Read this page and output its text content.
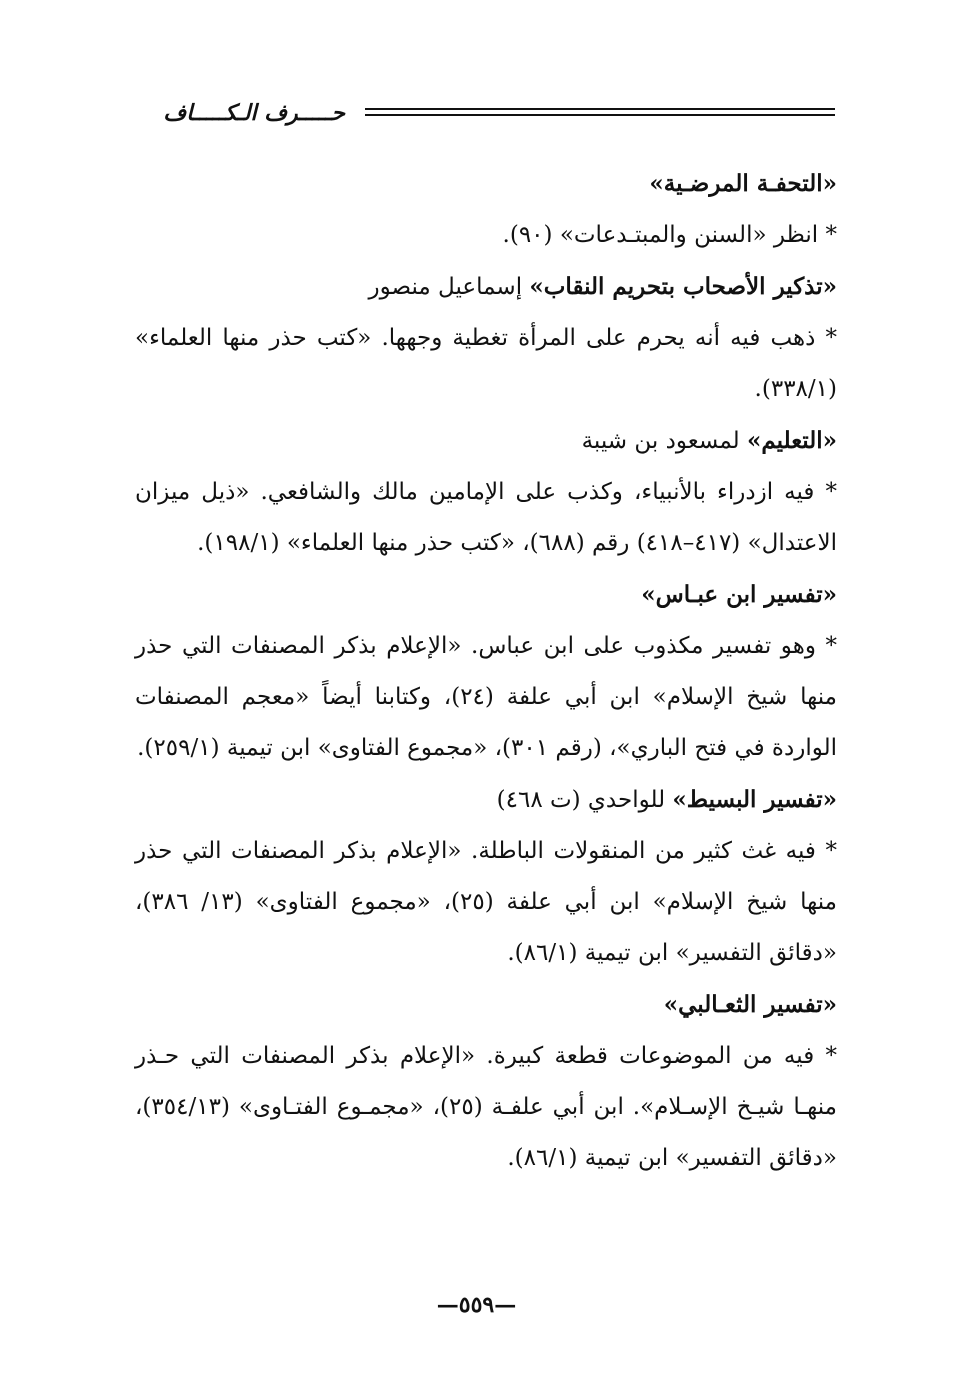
حـــــرف الـكـــــاف

«التحفـة المرضـية»

* انظر «السنن والمبتـدعات» (٩٠).

«تذكير الأصحاب بتحريم النقاب» إسماعيل منصور

* ذهب فيه أنه يحرم على المرأة تغطية وجهها. «كتب حذر منها العلماء» (٣٣٨/١).

«التعليم» لمسعود بن شيبة

* فيه ازدراء بالأنبياء، وكذب على الإمامين مالك والشافعي. «ذيل ميزان الاعتدال» (٤١٧–٤١٨) رقم (٦٨٨)، «كتب حذر منها العلماء» (١٩٨/١).

«تفسير ابن عبـاس»

* وهو تفسير مكذوب على ابن عباس. «الإعلام بذكر المصنفات التي حذر منها شيخ الإسلام» ابن أبي علفة (٢٤)، وكتابنا أيضاً «معجم المصنفات الواردة في فتح الباري»، (رقم ٣٠١)، «مجموع الفتاوى» ابن تيمية (٢٥٩/١).

«تفسير البسيط» للواحدي (ت ٤٦٨)

* فيه غث كثير من المنقولات الباطلة. «الإعلام بذكر المصنفات التي حذر منها شيخ الإسلام» ابن أبي علفة (٢٥)، «مجموع الفتاوى» (١٣/ ٣٨٦)، «دقائق التفسير» ابن تيمية (٨٦/١).

«تفسير الثعـالبي»

* فيه من الموضوعات قطعة كبيرة. «الإعلام بذكر المصنفات التي حـذر منهـا شيـخ الإسـلام». ابن أبي علفـة (٢٥)، «مجمـوع الفتـاوى» (٣٥٤/١٣)، «دقائق التفسير» ابن تيمية (٨٦/١).

—٥٥٩—
